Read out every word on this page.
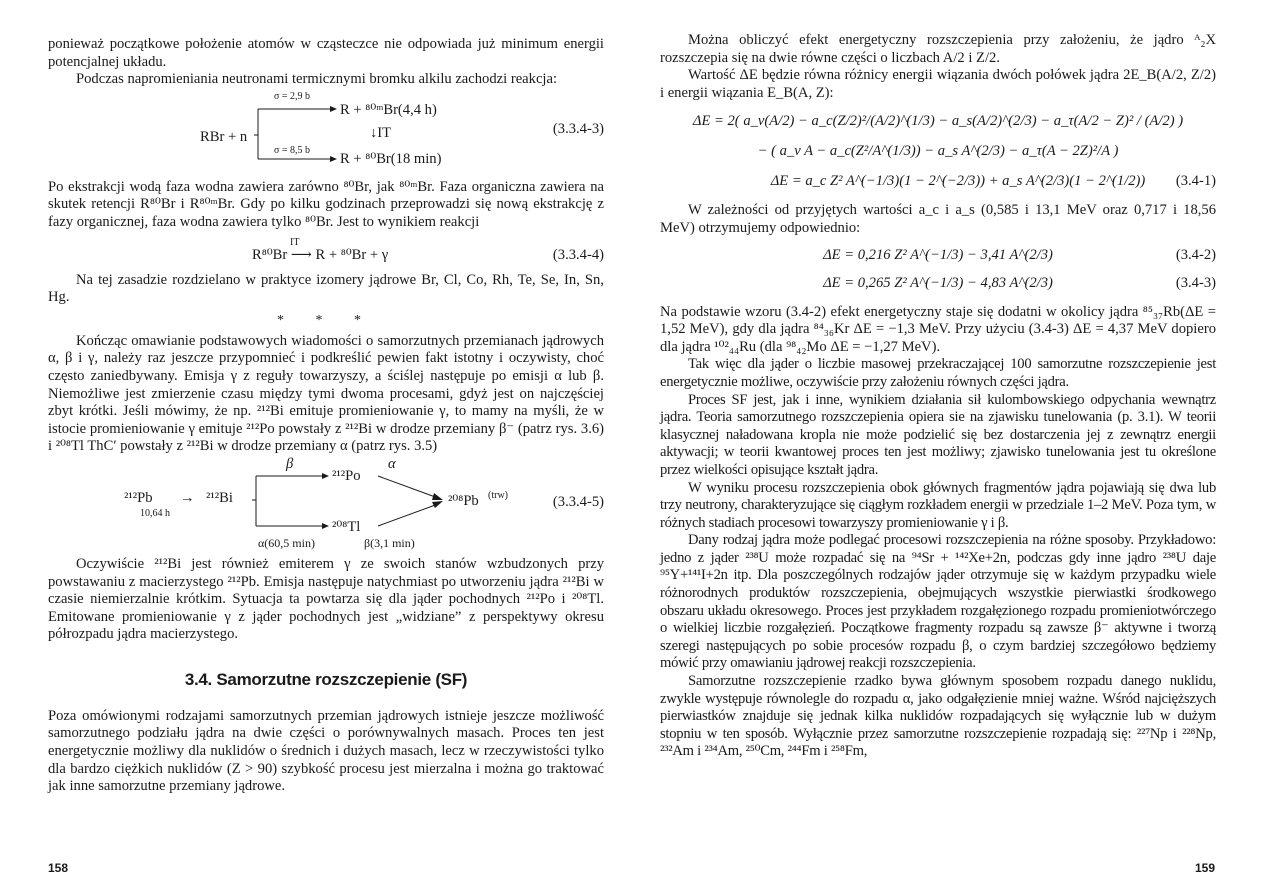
ponieważ początkowe położenie atomów w cząsteczce nie odpowiada już minimum energii potencjalnej układu.

Podczas napromieniania neutronami termicznymi bromku alkilu zachodzi reakcja:

σ = 2,9 b
RBr + n
σ = 8,5 b
R + ⁸⁰ᵐBr(4,4 h)
↓IT
R + ⁸⁰Br(18 min)
(3.3.4-3)

Po ekstrakcji wodą faza wodna zawiera zarówno ⁸⁰Br, jak ⁸⁰ᵐBr. Faza organiczna zawiera na skutek retencji R⁸⁰Br i R⁸⁰ᵐBr. Gdy po kilku godzinach przeprowadzi się nową ekstrakcję z fazy organicznej, faza wodna zawiera tylko ⁸⁰Br. Jest to wynikiem reakcji

IT
R⁸⁰Br ⟶ R + ⁸⁰Br + γ	(3.3.4-4)

Na tej zasadzie rozdzielano w praktyce izomery jądrowe Br, Cl, Co, Rh, Te, Se, In, Sn, Hg.

* * *

Kończąc omawianie podstawowych wiadomości o samorzutnych przemianach jądrowych α, β i γ, należy raz jeszcze przypomnieć i podkreślić pewien fakt istotny i oczywisty, choć często zaniedbywany. Emisja γ z reguły towarzyszy, a ściślej następuje po emisji α lub β. Niemożliwe jest zmierzenie czasu między tymi dwoma procesami, gdyż jest on najczęściej zbyt krótki. Jeśli mówimy, że np. ²¹²Bi emituje promieniowanie γ, to mamy na myśli, że w istocie promieniowanie γ emituje ²¹²Po powstały z ²¹²Bi w drodze przemiany β⁻ (patrz rys. 3.6) i ²⁰⁸Tl ThC′ powstały z ²¹²Bi w drodze przemiany α (patrz rys. 3.5)

β	α
²¹²Pb → ²¹²Bi
10,64 h
²¹²Po
²⁰⁸Tl
²⁰⁸Pb (trw)	(3.3.4-5)
α(60,5 min)	β(3,1 min)

Oczywiście ²¹²Bi jest również emiterem γ ze swoich stanów wzbudzonych przy powstawaniu z macierzystego ²¹²Pb. Emisja następuje natychmiast po utworzeniu jądra ²¹²Bi w czasie niemierzalnie krótkim. Sytuacja ta powtarza się dla jąder pochodnych ²¹²Po i ²⁰⁸Tl. Emitowane promieniowanie γ z jąder pochodnych jest „widziane” z perspektywy okresu półrozpadu jądra macierzystego.

3.4. Samorzutne rozszczepienie (SF)

Poza omówionymi rodzajami samorzutnych przemian jądrowych istnieje jeszcze możliwość samorzutnego podziału jądra na dwie części o porównywalnych masach. Proces ten jest energetycznie możliwy dla nuklidów o średnich i dużych masach, lecz w rzeczywistości tylko dla bardzo ciężkich nuklidów (Z > 90) szybkość procesu jest mierzalna i można go traktować jak inne samorzutne przemiany jądrowe.

158

Można obliczyć efekt energetyczny rozszczepienia przy założeniu, że jądro ᴬ₂X rozszczepia się na dwie równe części o liczbach A/2 i Z/2.

Wartość ΔE będzie równa różnicy energii wiązania dwóch połówek jądra 2E_B(A/2, Z/2) i energii wiązania E_B(A, Z):

ΔE = 2( a_v(A/2) − a_c(Z/2)²/(A/2)^(1/3) − a_s(A/2)^(2/3) − a_τ(A/2 − Z)² / (A/2) )
− ( a_v A − a_c(Z²/A^(1/3)) − a_s A^(2/3) − a_τ(A − 2Z)²/A )
ΔE = a_c Z² A^(−1/3)(1 − 2^(−2/3)) + a_s A^(2/3)(1 − 2^(1/2))	(3.4-1)

W zależności od przyjętych wartości a_c i a_s (0,585 i 13,1 MeV oraz 0,717 i 18,56 MeV) otrzymujemy odpowiednio:

ΔE = 0,216 Z² A^(−1/3) − 3,41 A^(2/3)	(3.4-2)
ΔE = 0,265 Z² A^(−1/3) − 4,83 A^(2/3)	(3.4-3)

Na podstawie wzoru (3.4-2) efekt energetyczny staje się dodatni w okolicy jądra ⁸⁵₃₇Rb(ΔE = 1,52 MeV), gdy dla jądra ⁸⁴₃₆Kr ΔE = −1,3 MeV. Przy użyciu (3.4-3) ΔE = 4,37 MeV dopiero dla jądra ¹⁰²₄₄Ru (dla ⁹⁸₄₂Mo ΔE = −1,27 MeV).

Tak więc dla jąder o liczbie masowej przekraczającej 100 samorzutne rozszczepienie jest energetycznie możliwe, oczywiście przy założeniu równych części jądra.

Proces SF jest, jak i inne, wynikiem działania sił kulombowskiego odpychania wewnątrz jądra. Teoria samorzutnego rozszczepienia opiera sie na zjawisku tunelowania (p. 3.1). W teorii klasycznej naładowana kropla nie może podzielić się bez dostarczenia jej z zewnątrz energii aktywacji; w teorii kwantowej proces ten jest możliwy; zjawisko tunelowania jest tu określone przez wielkości opisujące kształt jądra.

W wyniku procesu rozszczepienia obok głównych fragmentów jądra pojawiają się dwa lub trzy neutrony, charakteryzujące się ciągłym rozkładem energii w przedziale 1–2 MeV. Poza tym, w różnych stadiach procesowi towarzyszy promieniowanie γ i β.

Dany rodzaj jądra może podlegać procesowi rozszczepienia na różne sposoby. Przykładowo: jedno z jąder ²³⁸U może rozpadać się na ⁹⁴Sr + ¹⁴²Xe+2n, podczas gdy inne jądro ²³⁸U daje ⁹⁵Y+¹⁴¹I+2n itp. Dla poszczególnych rodzajów jąder otrzymuje się w każdym przypadku wiele różnorodnych produktów rozszczepienia, obejmujących wszystkie pierwiastki środkowego obszaru układu okresowego. Proces jest przykładem rozgałęzionego rozpadu promieniotwórczego o wielkiej liczbie rozgałęzień. Początkowe fragmenty rozpadu są zawsze β⁻ aktywne i tworzą szeregi następujących po sobie procesów rozpadu β, o czym bardziej szczegółowo będziemy mówić przy omawianiu jądrowej reakcji rozszczepienia.

Samorzutne rozszczepienie rzadko bywa głównym sposobem rozpadu danego nuklidu, zwykle występuje równolegle do rozpadu α, jako odgałęzienie mniej ważne. Wśród najcięższych pierwiastków znajduje się jednak kilka nuklidów rozpadających się wyłącznie lub w dużym stopniu w ten sposób. Wyłącznie przez samorzutne rozszczepienie rozpadają się: ²²⁷Np i ²²⁸Np, ²³²Am i ²³⁴Am, ²⁵⁰Cm, ²⁴⁴Fm i ²⁵⁸Fm,

159
